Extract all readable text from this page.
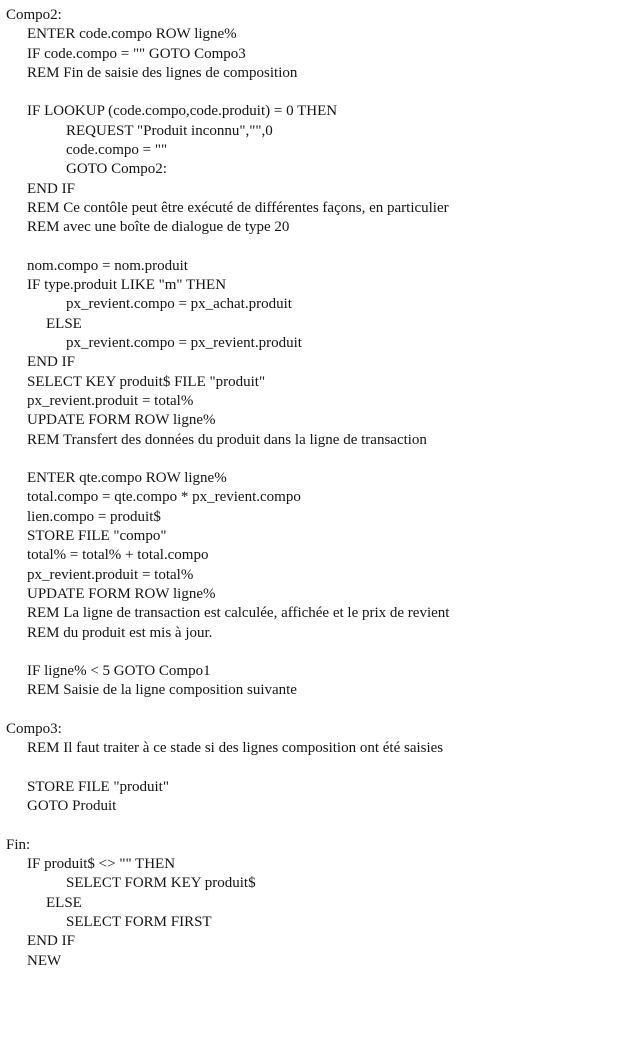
Compo2:
ENTER code.compo ROW ligne%
IF code.compo = "" GOTO Compo3
REM Fin de saisie des lignes de composition
IF LOOKUP (code.compo,code.produit) = 0 THEN
REQUEST "Produit inconnu","",0
code.compo = ""
GOTO Compo2:
END IF
REM Ce contôle peut être exécuté de différentes façons, en particulier
REM avec une boîte de dialogue de type 20
nom.compo = nom.produit
IF type.produit LIKE "m" THEN
px_revient.compo = px_achat.produit
ELSE
px_revient.compo = px_revient.produit
END IF
SELECT KEY produit$ FILE "produit"
px_revient.produit = total%
UPDATE FORM ROW ligne%
REM Transfert des données du produit dans la ligne de transaction
ENTER qte.compo ROW ligne%
total.compo = qte.compo * px_revient.compo
lien.compo = produit$
STORE FILE "compo"
total% = total% + total.compo
px_revient.produit = total%
UPDATE FORM ROW ligne%
REM La ligne de transaction est calculée, affichée et le prix de revient
REM du produit est mis à jour.
IF ligne% < 5 GOTO Compo1
REM Saisie de la ligne composition suivante
Compo3:
REM Il faut traiter à ce stade si des lignes composition ont été saisies
STORE FILE "produit"
GOTO Produit
Fin:
IF produit$ <> "" THEN
SELECT FORM KEY produit$
ELSE
SELECT FORM FIRST
END IF
NEW
